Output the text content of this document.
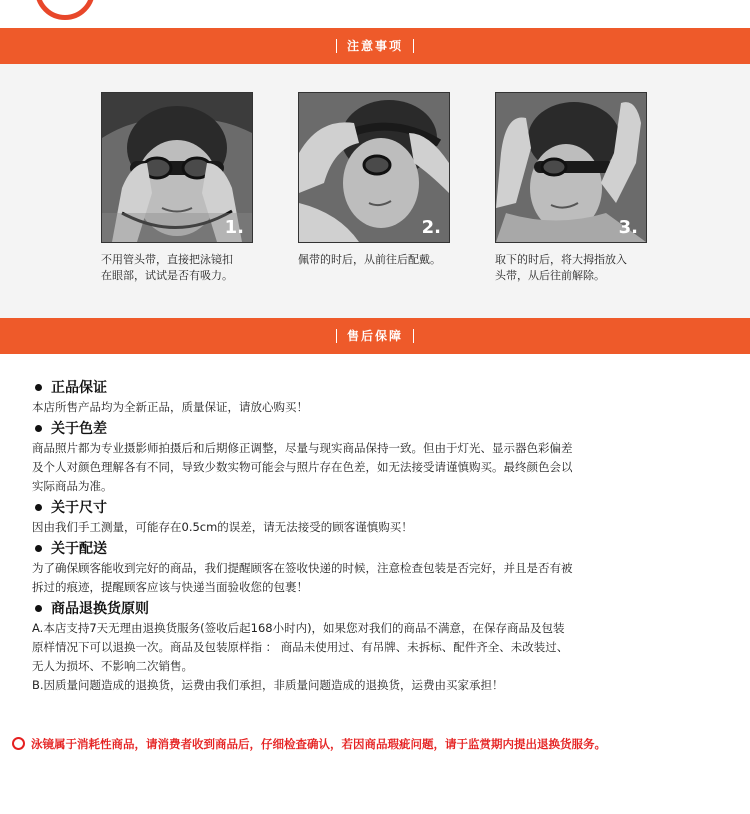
注意事项
1.
不用管头带，直接把泳镜扣
在眼部，试试是否有吸力。
2.
佩带的时后，从前往后配戴。
3.
取下的时后，将大拇指放入
头带，从后往前解除。
售后保障
正品保证
本店所售产品均为全新正品，质量保证，请放心购买！
关于色差
商品照片都为专业摄影师拍摄后和后期修正调整，尽量与现实商品保持一致。但由于灯光、显示器色彩偏差
及个人对颜色理解各有不同，导致少数实物可能会与照片存在色差，如无法接受请谨慎购买。最终颜色会以
实际商品为准。
关于尺寸
因由我们手工测量，可能存在0.5cm的误差，请无法接受的顾客谨慎购买！
关于配送
为了确保顾客能收到完好的商品，我们提醒顾客在签收快递的时候，注意检查包装是否完好，并且是否有被
拆过的痕迹，提醒顾客应该与快递当面验收您的包裹！
商品退换货原则
A.本店支持7天无理由退换货服务(签收后起168小时内)，如果您对我们的商品不满意，在保存商品及包装
原样情况下可以退换一次。商品及包装原样指 ： 商品未使用过、有吊牌、未拆标、配件齐全、未改装过、
无人为损坏、不影响二次销售。
B.因质量问题造成的退换货，运费由我们承担，非质量问题造成的退换货，运费由买家承担！
泳镜属于消耗性商品，请消费者收到商品后，仔细检查确认，若因商品瑕疵问题，请于监赏期内提出退换货服务。
